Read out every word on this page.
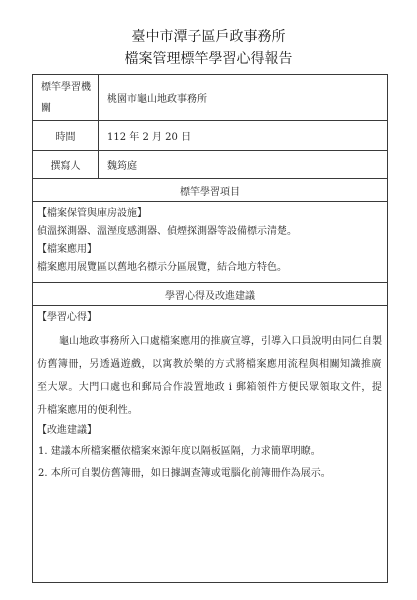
臺中市潭子區戶政事務所
檔案管理標竿學習心得報告
標竿學習機
關
桃園市龜山地政事務所
時間	112 年 2 月 20 日
撰寫人	魏筠庭
標竿學習項目
【檔案保管與庫房設施】
偵溫探測器、溫溼度感測器、偵煙探測器等設備標示清楚。
【檔案應用】
檔案應用展覽區以舊地名標示分區展覽，結合地方特色。
學習心得及改進建議
【學習心得】
龜山地政事務所入口處檔案應用的推廣宣導，引導入口員說明由同仁自製
仿舊簿冊，另透過遊戲，以寓教於樂的方式將檔案應用流程與相關知識推廣
至大眾。大門口處也和郵局合作設置地政 i 郵箱領件方便民眾領取文件，提
升檔案應用的便利性。
【改進建議】
1. 建議本所檔案櫃依檔案來源年度以隔板區隔，力求簡單明瞭。
2. 本所可自製仿舊簿冊，如日據調查簿或電腦化前簿冊作為展示。
